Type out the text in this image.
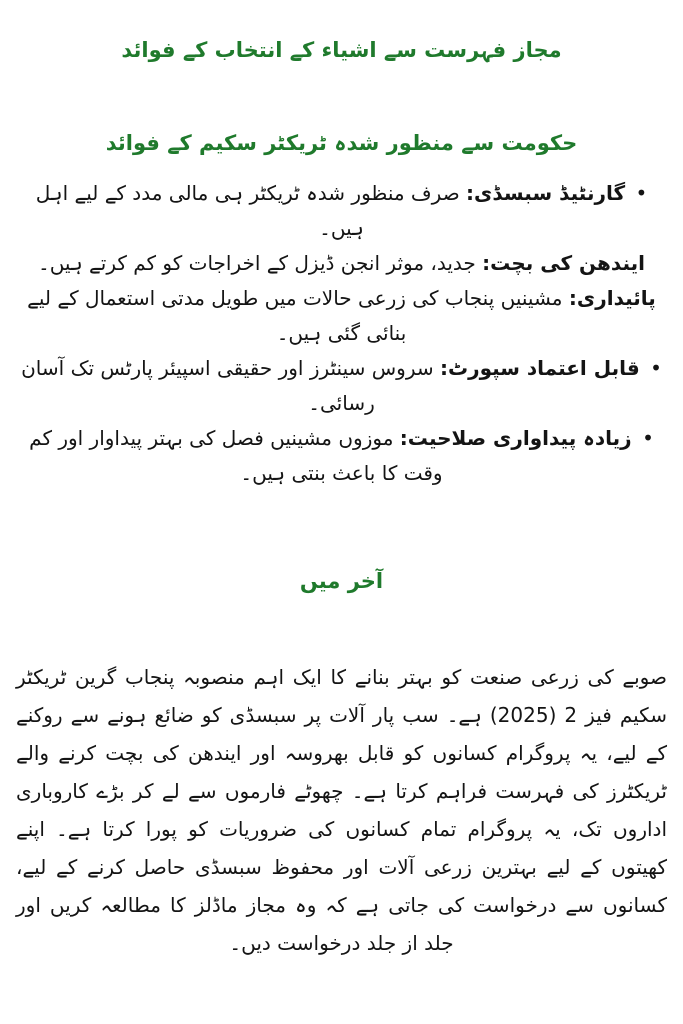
مجاز فہرست سے اشیاء کے انتخاب کے فوائد
حکومت سے منظور شدہ ٹریکٹر سکیم کے فوائد
• گارنٹیڈ سبسڈی: صرف منظور شدہ ٹریکٹر ہی مالی مدد کے لیے اہل ہیں۔
ایندھن کی بچت: جدید، موثر انجن ڈیزل کے اخراجات کو کم کرتے ہیں۔
پائیداری: مشینیں پنجاب کی زرعی حالات میں طویل مدتی استعمال کے لیے بنائی گئی ہیں۔
• قابل اعتماد سپورٹ: سروس سینٹرز اور حقیقی اسپیئر پارٹس تک آسان رسائی۔
• زیادہ پیداواری صلاحیت: موزوں مشینیں فصل کی بہتر پیداوار اور کم وقت کا باعث بنتی ہیں۔
آخر میں

صوبے کی زرعی صنعت کو بہتر بنانے کا ایک اہم منصوبہ پنجاب گرین ٹریکٹر سکیم فیز 2 (2025) ہے۔ سب پار آلات پر سبسڈی کو ضائع ہونے سے روکنے کے لیے، یہ پروگرام کسانوں کو قابل بھروسہ اور ایندھن کی بچت کرنے والے ٹریکٹرز کی فہرست فراہم کرتا ہے۔ چھوٹے فارموں سے لے کر بڑے کاروباری اداروں تک، یہ پروگرام تمام کسانوں کی ضروریات کو پورا کرتا ہے۔ اپنے کھیتوں کے لیے بہترین زرعی آلات اور محفوظ سبسڈی حاصل کرنے کے لیے، کسانوں سے درخواست کی جاتی ہے کہ وہ مجاز ماڈلز کا مطالعہ کریں اور جلد از جلد درخواست دیں۔
